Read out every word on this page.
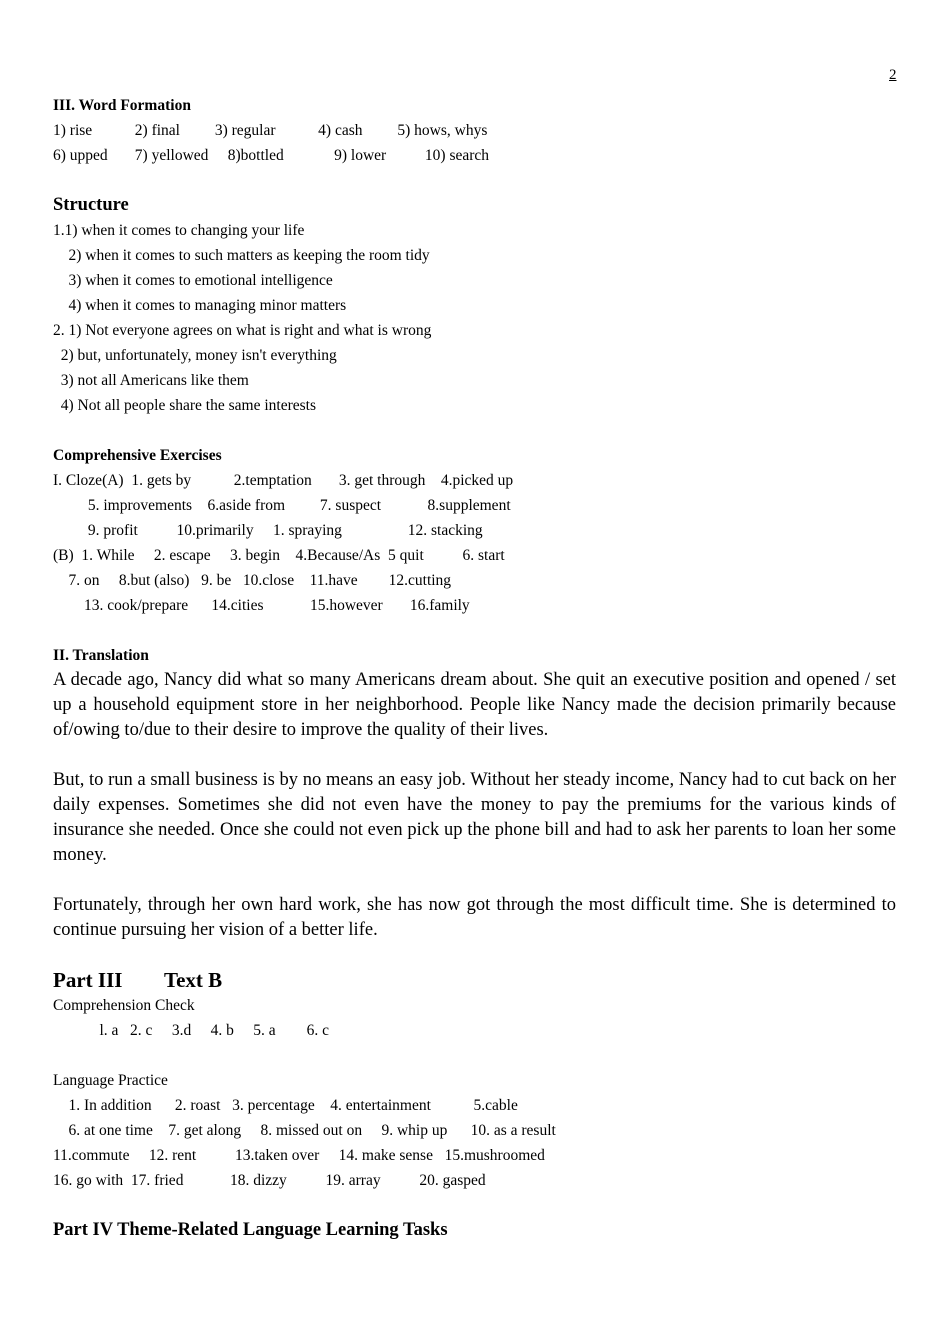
2
III. Word Formation
1) rise           2) final         3) regular           4) cash         5) hows, whys
6) upped       7) yellowed     8)bottled             9) lower          10) search
Structure
1.1) when it comes to changing your life
2) when it comes to such matters as keeping the room tidy
3) when it comes to emotional intelligence
4) when it comes to managing minor matters
2. 1) Not everyone agrees on what is right and what is wrong
2) but, unfortunately, money isn't everything
3) not all Americans like them
4) Not all people share the same interests
Comprehensive Exercises
I. Cloze(A)  1. gets by           2.temptation       3. get through    4.picked up
5. improvements    6.aside from         7. suspect            8.supplement
9. profit          10.primarily     1. spraying                 12. stacking
(B)  1. While     2. escape     3. begin    4.Because/As  5 quit          6. start
7. on     8.but (also)   9. be   10.close    11.have        12.cutting
13. cook/prepare      14.cities            15.however       16.family
II. Translation
A decade ago, Nancy did what so many Americans dream about. She quit an executive position and opened / set up a household equipment store in her neighborhood. People like Nancy made the decision primarily because of/owing to/due to their desire to improve the quality of their lives.
But, to run a small business is by no means an easy job. Without her steady income, Nancy had to cut back on her daily expenses. Sometimes she did not even have the money to pay the premiums for the various kinds of insurance she needed. Once she could not even pick up the phone bill and had to ask her parents to loan her some money.
Fortunately, through her own hard work, she has now got through the most difficult time. She is determined to continue pursuing her vision of a better life.
Part III        Text B
Comprehension Check
l. a   2. c     3.d     4. b     5. a        6. c
Language Practice
1. In addition      2. roast   3. percentage    4. entertainment           5.cable
6. at one time    7. get along     8. missed out on     9. whip up      10. as a result
11.commute     12. rent          13.taken over     14. make sense   15.mushroomed
16. go with  17. fried            18. dizzy          19. array          20. gasped
Part IV Theme-Related Language Learning Tasks
